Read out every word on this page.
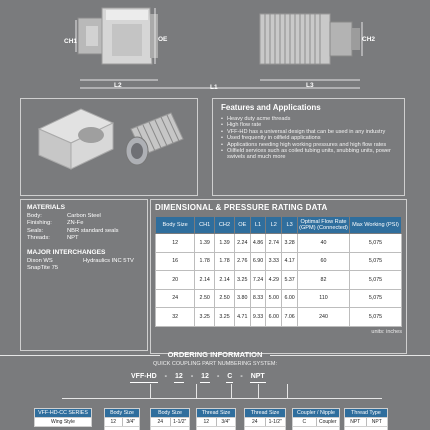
CH1	OE	CH2
L2	L1	L3
Features and Applications
• Heavy duty acme threads
• High flow rate
• VFF-HD has a universal design that can be used in any industry
• Used frequently in oilfield applications
• Applications needing high working pressures and high flow rates
• Oilfield services such as coiled tubing units, snubbing units, power swivels and much more
MATERIALS
Body:	Carbon Steel
Finishing:	ZN-Fe
Seals:	NBR standard seals
Threads:	NPT
MAJOR INTERCHANGES
Dixon WS	Hydraulics INC 5TV
SnapTite 75
DIMENSIONAL & PRESSURE RATING DATA
Body Size	CH1	CH2	OE	L1	L2	L3	Optimal Flow Rate (GPM) (Connected)	Max Working (PSI)
12	1.39	1.39	2.24	4.86	2.74	3.28	40	5,075
16	1.78	1.78	2.76	6.90	3.33	4.17	60	5,075
20	2.14	2.14	3.25	7.24	4.29	5.37	82	5,075
24	2.50	2.50	3.80	8.33	5.00	6.00	110	5,075
32	3.25	3.25	4.71	9.33	6.00	7.06	240	5,075
units: inches
ORDERING INFORMATION
QUICK COUPLING PART NUMBERING SYSTEM:
VFF-HD - 12 - 12 - C - NPT
VFF-HD-CC SERIES
Wing Style
Body Size
12	3/4"
Body Size
24	1-1/2"
Thread Size
12	3/4"
Thread Size
24	1-1/2"
Coupler / Nipple
C	Coupler
Thread Type
NPT	NPT
